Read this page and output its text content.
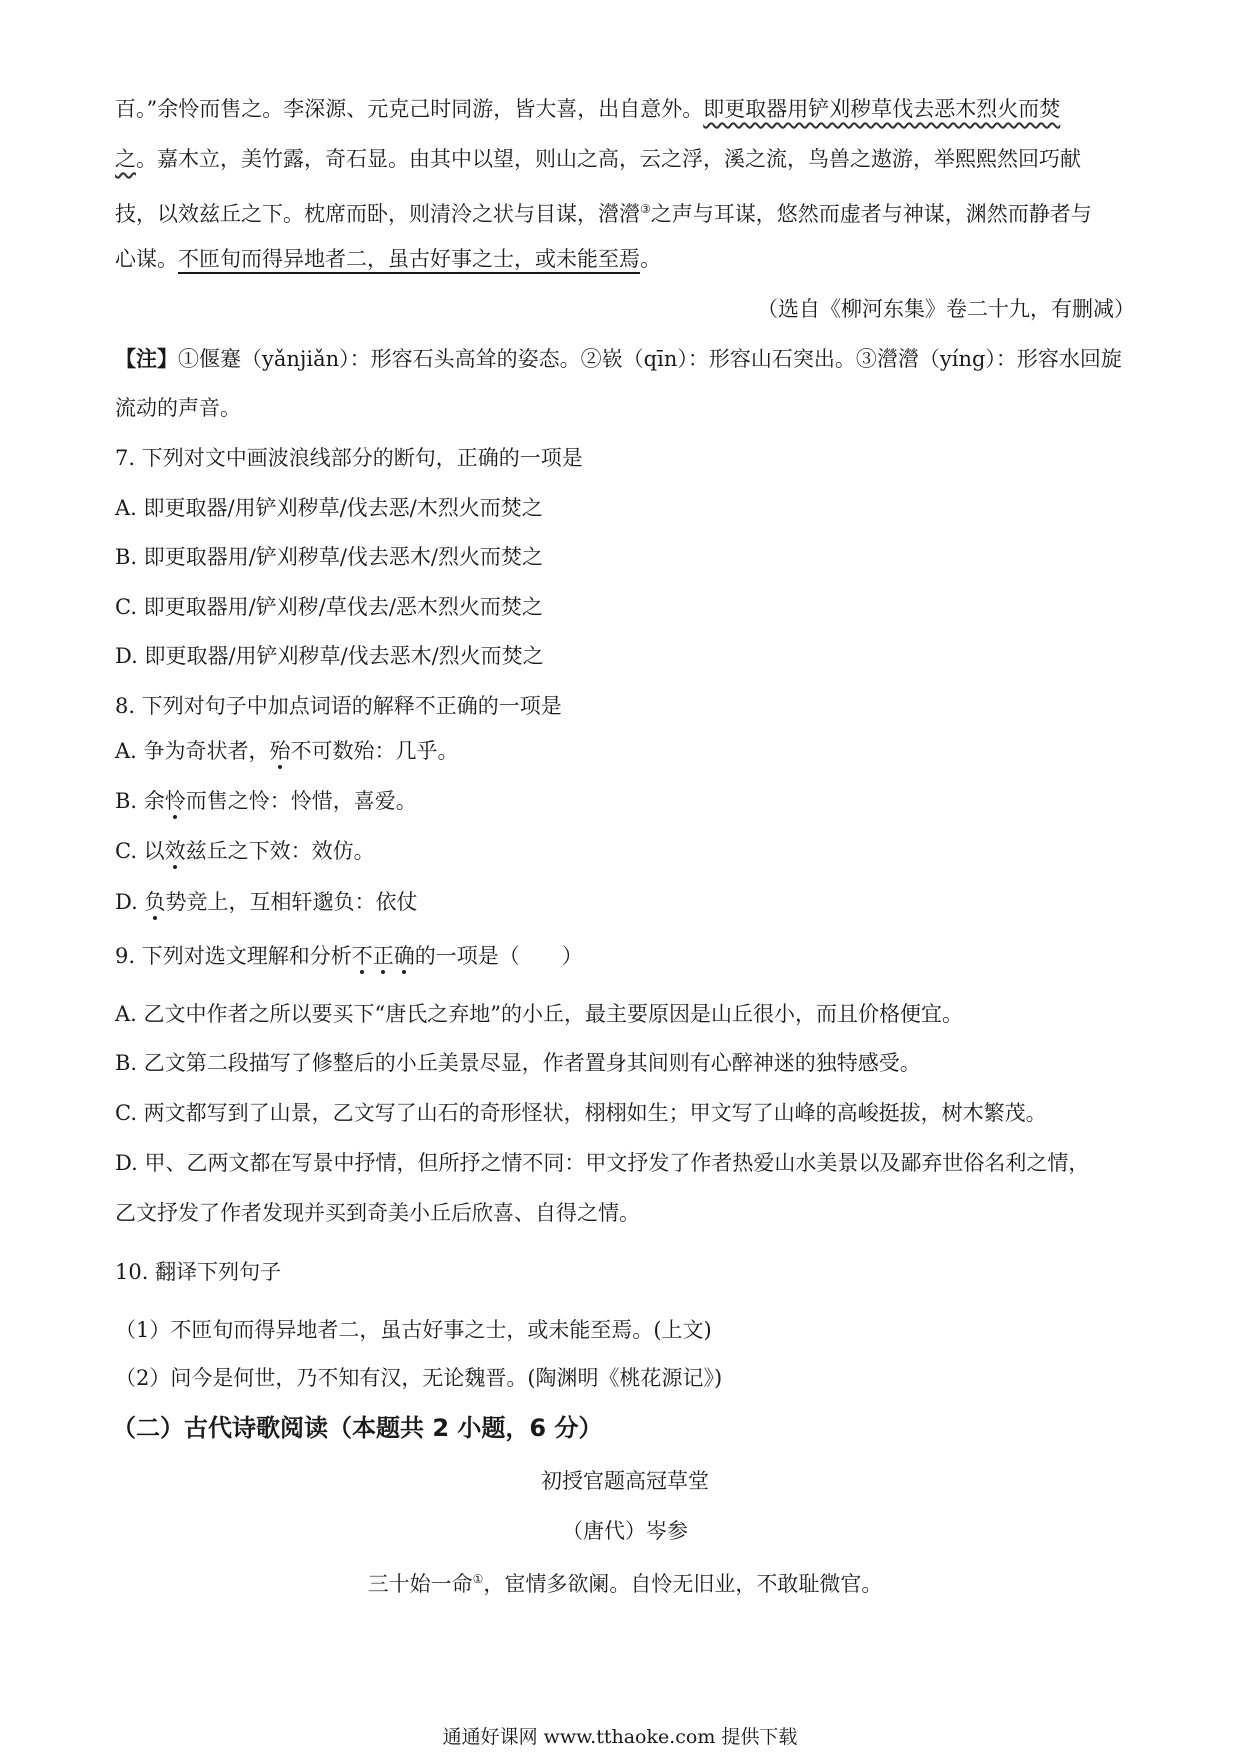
百。”余怜而售之。李深源、元克己时同游，皆大喜，出自意外。即更取器用铲刈秽草伐去恶木烈火而焚
之。嘉木立，美竹露，奇石显。由其中以望，则山之高，云之浮，溪之流，鸟兽之遨游，举熙熙然回巧献
技，以效兹丘之下。枕席而卧，则清泠之状与目谋，瀯瀯③之声与耳谋，悠然而虚者与神谋，渊然而静者与
心谋。不匝旬而得异地者二，虽古好事之士，或未能至焉。
（选自《柳河东集》卷二十九，有删减）
【注】①偃蹇（yǎnjiǎn）：形容石头高耸的姿态。②嵚（qīn）：形容山石突出。③瀯瀯（yíng）：形容水回旋
流动的声音。
7. 下列对文中画波浪线部分的断句，正确的一项是
A. 即更取器/用铲刈秽草/伐去恶/木烈火而焚之
B. 即更取器用/铲刈秽草/伐去恶木/烈火而焚之
C. 即更取器用/铲刈秽/草伐去/恶木烈火而焚之
D. 即更取器/用铲刈秽草/伐去恶木/烈火而焚之
8. 下列对句子中加点词语的解释不正确的一项是
A. 争为奇状者，殆不可数殆：几乎。
B. 余怜而售之怜：怜惜，喜爱。
C. 以效兹丘之下效：效仿。
D. 负势竞上，互相轩邈负：依仗
9. 下列对选文理解和分析不正确的一项是（　　）
A. 乙文中作者之所以要买下“唐氏之弃地”的小丘，最主要原因是山丘很小，而且价格便宜。
B. 乙文第二段描写了修整后的小丘美景尽显，作者置身其间则有心醉神迷的独特感受。
C. 两文都写到了山景，乙文写了山石的奇形怪状，栩栩如生；甲文写了山峰的高峻挺拔，树木繁茂。
D. 甲、乙两文都在写景中抒情，但所抒之情不同：甲文抒发了作者热爱山水美景以及鄙弃世俗名利之情，
乙文抒发了作者发现并买到奇美小丘后欣喜、自得之情。
10. 翻译下列句子
（1）不匝旬而得异地者二，虽古好事之士，或未能至焉。(上文)
（2）问今是何世，乃不知有汉，无论魏晋。(陶渊明《桃花源记》)
（二）古代诗歌阅读（本题共 2 小题，6 分）
初授官题高冠草堂
（唐代）岑参
三十始一命①，宦情多欲阑。自怜无旧业，不敢耻微官。
通通好课网 www.tthaoke.com 提供下载
